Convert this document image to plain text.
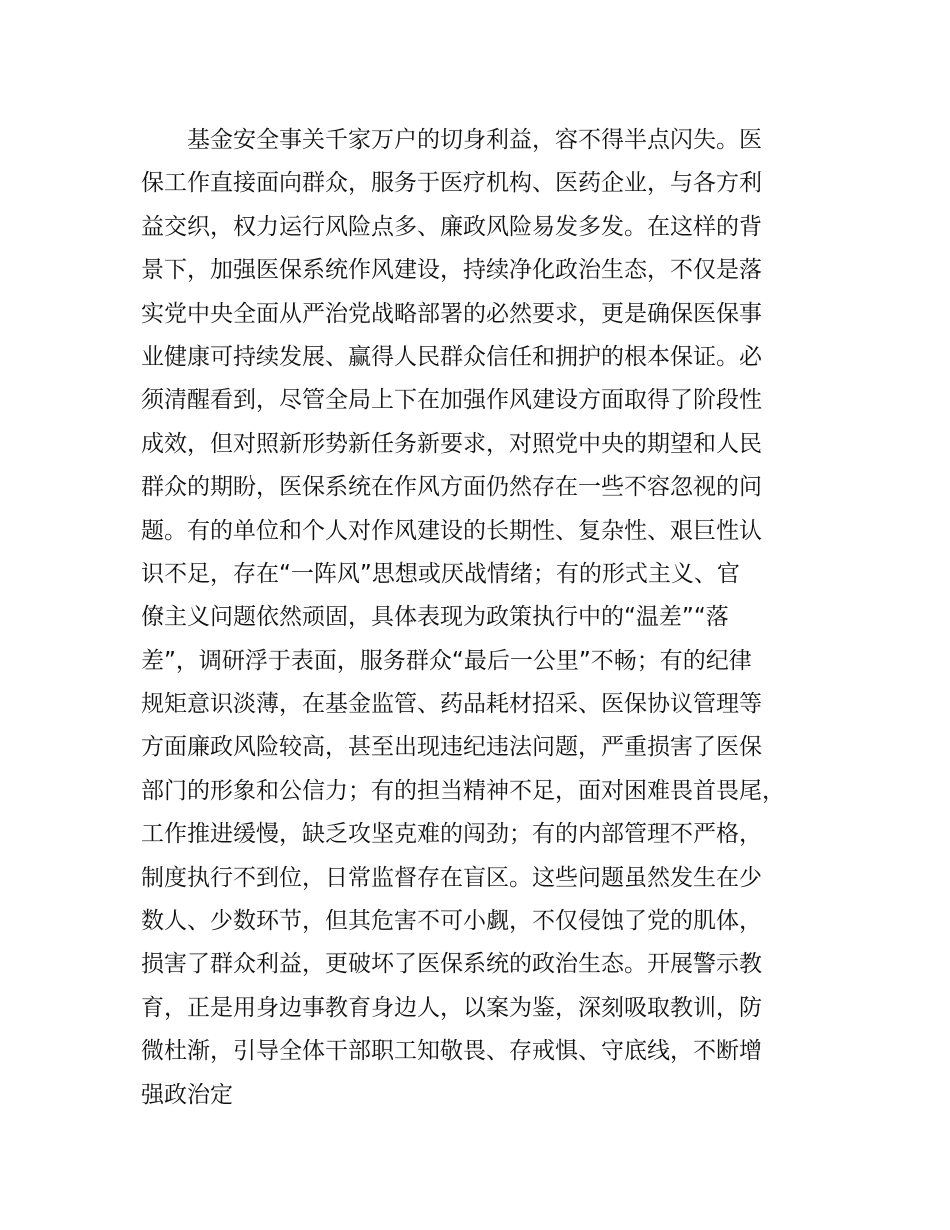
基金安全事关千家万户的切身利益，容不得半点闪失。医
保工作直接面向群众，服务于医疗机构、医药企业，与各方利
益交织，权力运行风险点多、廉政风险易发多发。在这样的背
景下，加强医保系统作风建设，持续净化政治生态，不仅是落
实党中央全面从严治党战略部署的必然要求，更是确保医保事
业健康可持续发展、赢得人民群众信任和拥护的根本保证。必
须清醒看到，尽管全局上下在加强作风建设方面取得了阶段性
成效，但对照新形势新任务新要求，对照党中央的期望和人民
群众的期盼，医保系统在作风方面仍然存在一些不容忽视的问
题。有的单位和个人对作风建设的长期性、复杂性、艰巨性认
识不足，存在“一阵风”思想或厌战情绪；有的形式主义、官
僚主义问题依然顽固，具体表现为政策执行中的“温差”“落
差”，调研浮于表面，服务群众“最后一公里”不畅；有的纪律
规矩意识淡薄，在基金监管、药品耗材招采、医保协议管理等
方面廉政风险较高，甚至出现违纪违法问题，严重损害了医保
部门的形象和公信力；有的担当精神不足，面对困难畏首畏尾，
工作推进缓慢，缺乏攻坚克难的闯劲；有的内部管理不严格，
制度执行不到位，日常监督存在盲区。这些问题虽然发生在少
数人、少数环节，但其危害不可小觑，不仅侵蚀了党的肌体，
损害了群众利益，更破坏了医保系统的政治生态。开展警示教
育，正是用身边事教育身边人，以案为鉴，深刻吸取教训，防
微杜渐，引导全体干部职工知敬畏、存戒惧、守底线，不断增
强政治定
